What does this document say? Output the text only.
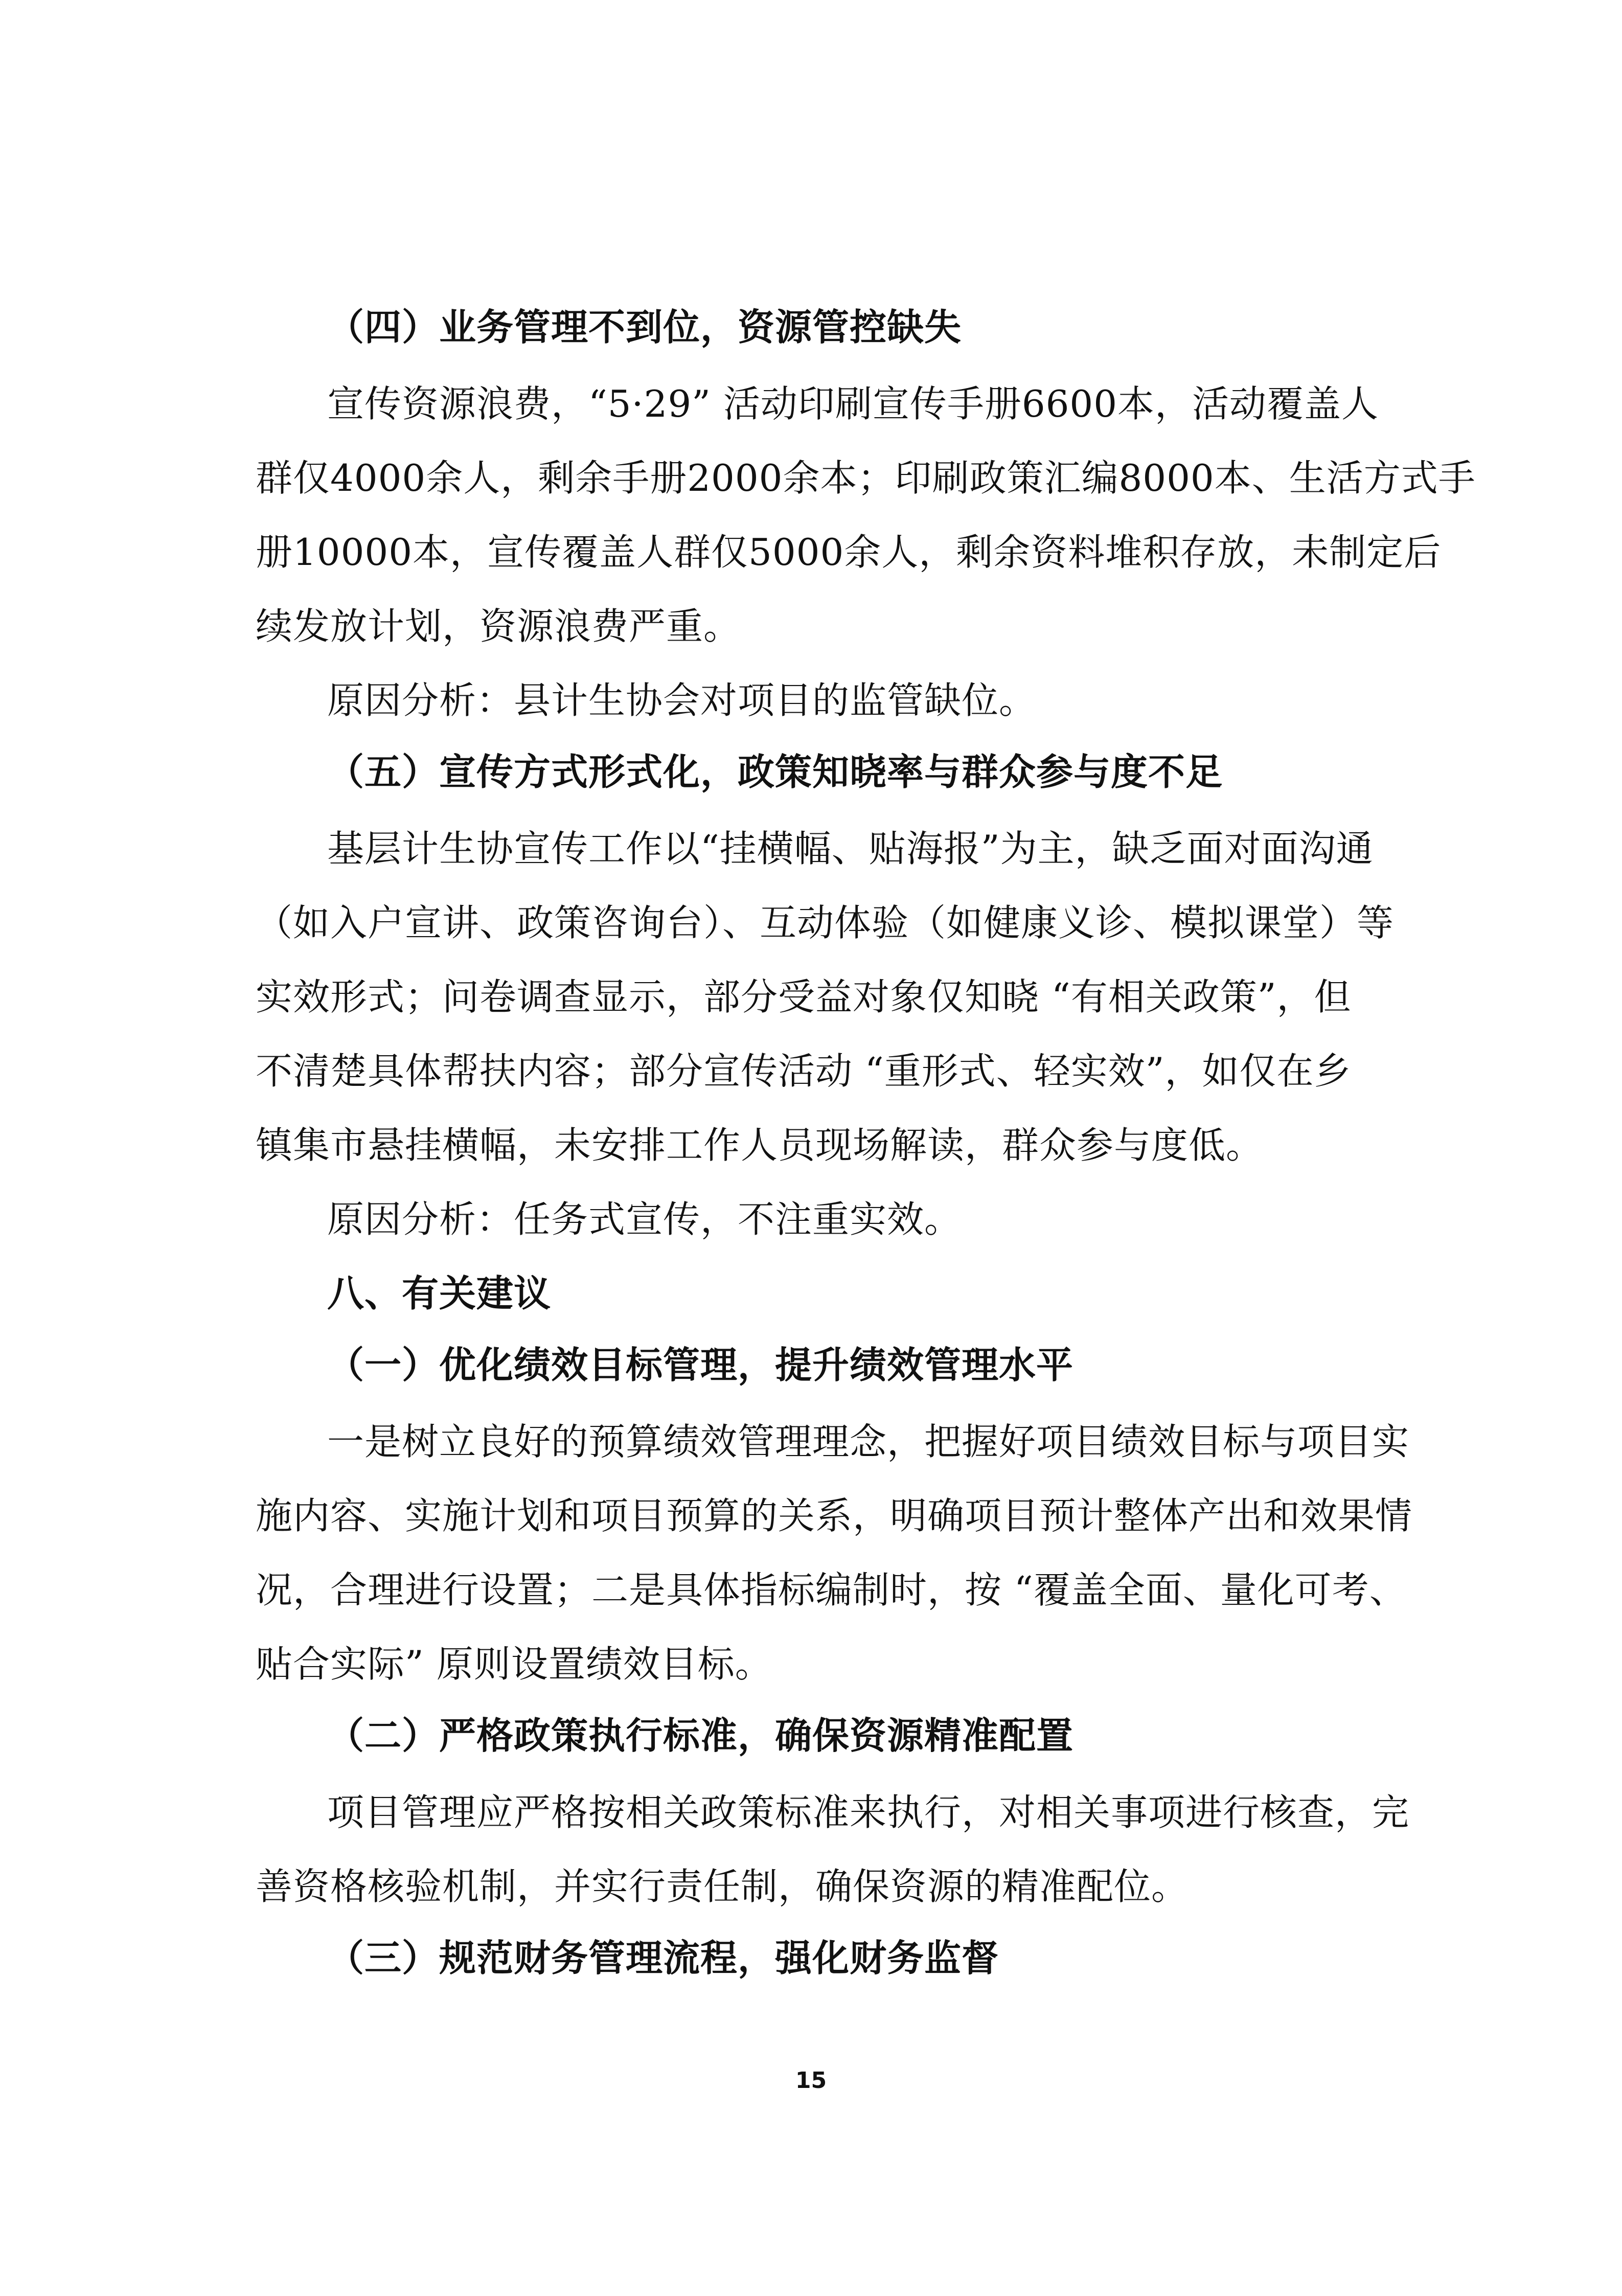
（四）业务管理不到位，资源管控缺失
宣传资源浪费，“5·29” 活动印刷宣传手册6600本，活动覆盖人
群仅4000余人，剩余手册2000余本；印刷政策汇编8000本、生活方式手
册10000本，宣传覆盖人群仅5000余人，剩余资料堆积存放，未制定后
续发放计划，资源浪费严重。
原因分析：县计生协会对项目的监管缺位。
（五）宣传方式形式化，政策知晓率与群众参与度不足
基层计生协宣传工作以“挂横幅、贴海报”为主，缺乏面对面沟通
（如入户宣讲、政策咨询台）、互动体验（如健康义诊、模拟课堂）等
实效形式；问卷调查显示，部分受益对象仅知晓 “有相关政策”，但
不清楚具体帮扶内容；部分宣传活动 “重形式、轻实效”，如仅在乡
镇集市悬挂横幅，未安排工作人员现场解读，群众参与度低。
原因分析：任务式宣传，不注重实效。
八、有关建议
（一）优化绩效目标管理，提升绩效管理水平
一是树立良好的预算绩效管理理念，把握好项目绩效目标与项目实
施内容、实施计划和项目预算的关系，明确项目预计整体产出和效果情
况，合理进行设置；二是具体指标编制时，按 “覆盖全面、量化可考、
贴合实际” 原则设置绩效目标。
（二）严格政策执行标准，确保资源精准配置
项目管理应严格按相关政策标准来执行，对相关事项进行核查，完
善资格核验机制，并实行责任制，确保资源的精准配位。
（三）规范财务管理流程，强化财务监督
15
